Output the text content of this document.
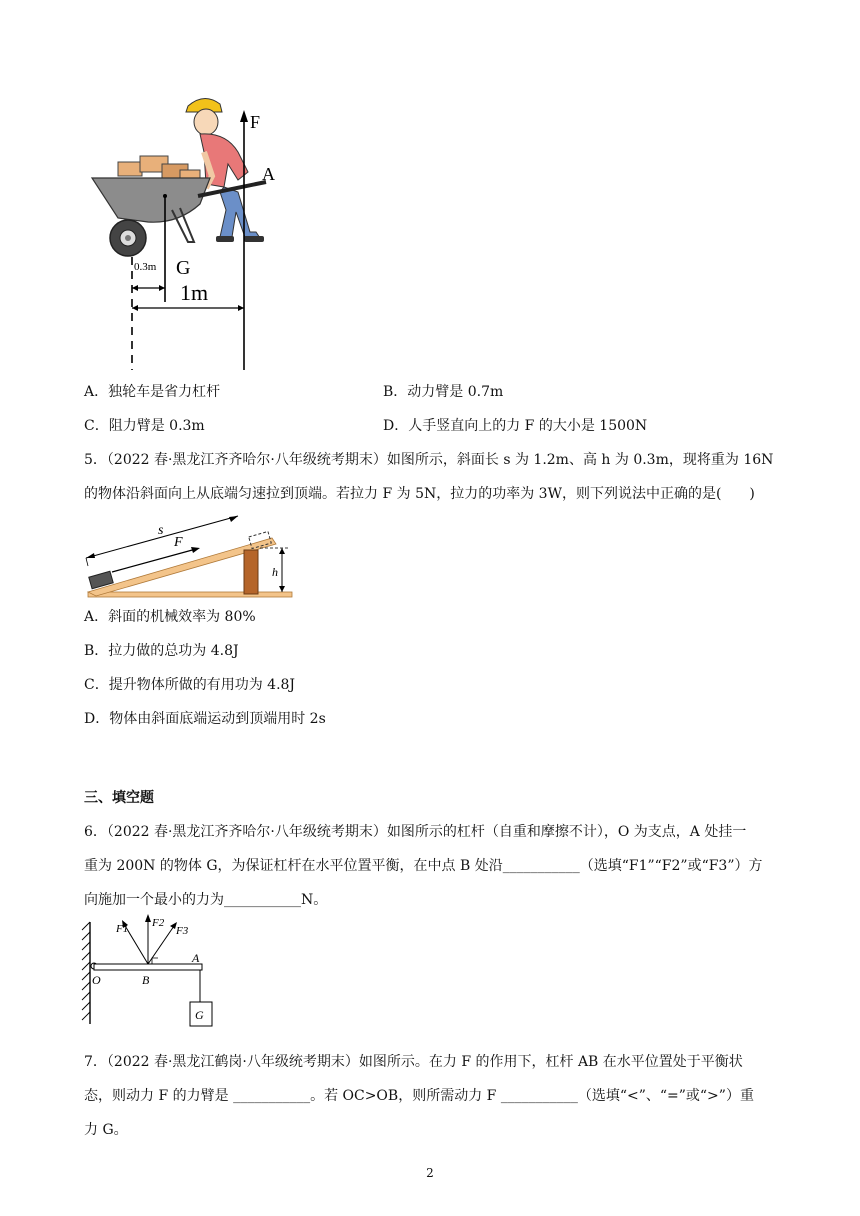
F
A
G
0.3m
1m
A．独轮车是省力杠杆	B．动力臂是 0.7m
C．阻力臂是 0.3m	D．人手竖直向上的力 F 的大小是 1500N
5．（2022 春·黑龙江齐齐哈尔·八年级统考期末）如图所示，斜面长 s 为 1.2m、高 h 为 0.3m，现将重为 16N
的物体沿斜面向上从底端匀速拉到顶端。若拉力 F 为 5N，拉力的功率为 3W，则下列说法中正确的是(　　)
F
s
h
A．斜面的机械效率为 80%
B．拉力做的总功为 4.8J
C．提升物体所做的有用功为 4.8J
D．物体由斜面底端运动到顶端用时 2s
三、填空题
6．（2022 春·黑龙江齐齐哈尔·八年级统考期末）如图所示的杠杆（自重和摩擦不计），O 为支点，A 处挂一
重为 200N 的物体 G，为保证杠杆在水平位置平衡，在中点 B 处沿___________（选填“F1”“F2”或“F3”）方
向施加一个最小的力为___________N。
F1 F2
F3
O	B
A
G
7．（2022 春·黑龙江鹤岗·八年级统考期末）如图所示。在力 F 的作用下，杠杆 AB 在水平位置处于平衡状
态，则动力 F 的力臂是 ___________。若 OC>OB，则所需动力 F ___________（选填“<”、“=”或“>”）重
力 G。
2
